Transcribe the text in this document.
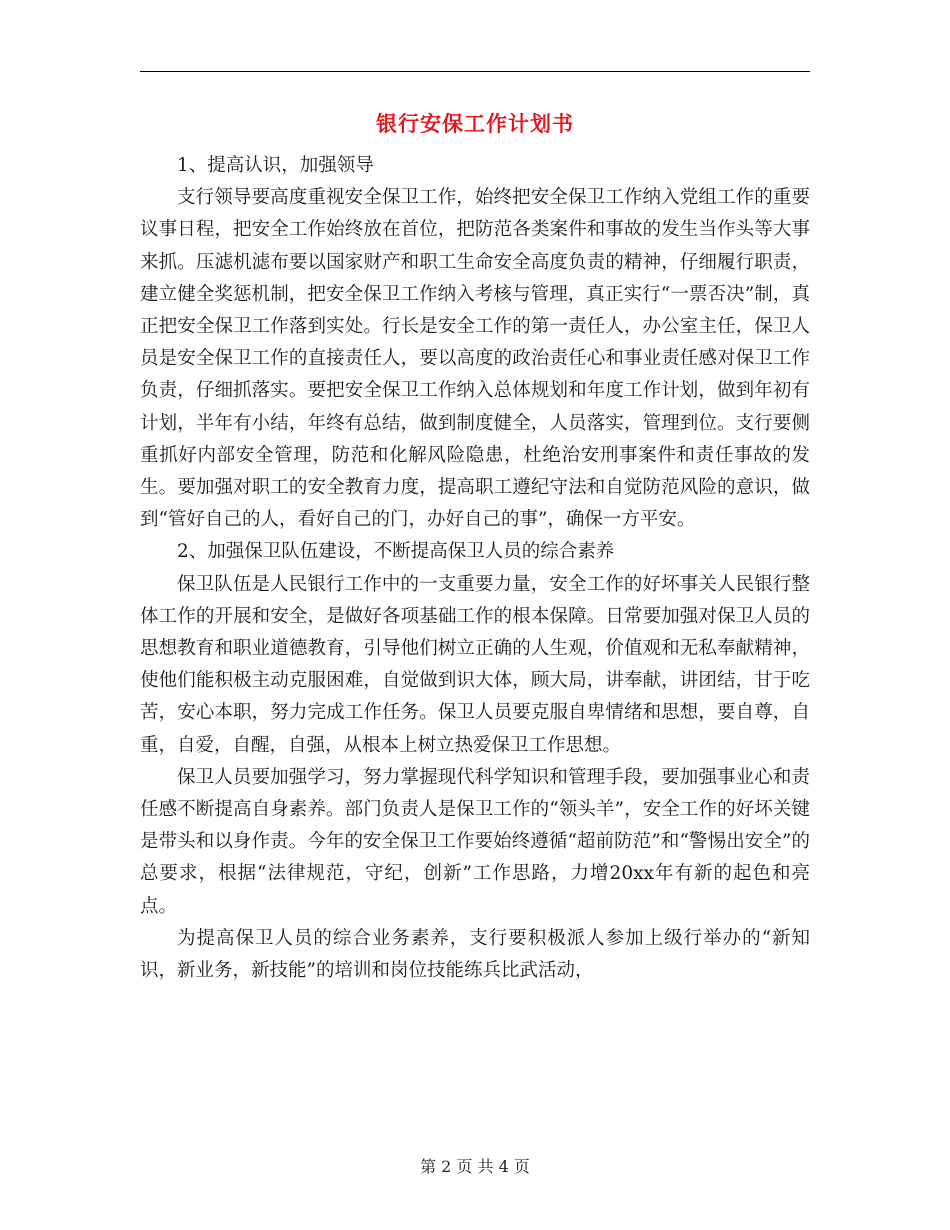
银行安保工作计划书

1、提高认识，加强领导

支行领导要高度重视安全保卫工作，始终把安全保卫工作纳入党组工作的重要议事日程，把安全工作始终放在首位，把防范各类案件和事故的发生当作头等大事来抓。压滤机滤布要以国家财产和职工生命安全高度负责的精神，仔细履行职责，建立健全奖惩机制，把安全保卫工作纳入考核与管理，真正实行“一票否决”制，真正把安全保卫工作落到实处。行长是安全工作的第一责任人，办公室主任，保卫人员是安全保卫工作的直接责任人，要以高度的政治责任心和事业责任感对保卫工作负责，仔细抓落实。要把安全保卫工作纳入总体规划和年度工作计划，做到年初有计划，半年有小结，年终有总结，做到制度健全，人员落实，管理到位。支行要侧重抓好内部安全管理，防范和化解风险隐患，杜绝治安刑事案件和责任事故的发生。要加强对职工的安全教育力度，提高职工遵纪守法和自觉防范风险的意识，做到“管好自己的人，看好自己的门，办好自己的事”，确保一方平安。

2、加强保卫队伍建设，不断提高保卫人员的综合素养

保卫队伍是人民银行工作中的一支重要力量，安全工作的好坏事关人民银行整体工作的开展和安全，是做好各项基础工作的根本保障。日常要加强对保卫人员的思想教育和职业道德教育，引导他们树立正确的人生观，价值观和无私奉献精神，使他们能积极主动克服困难，自觉做到识大体，顾大局，讲奉献，讲团结，甘于吃苦，安心本职，努力完成工作任务。保卫人员要克服自卑情绪和思想，要自尊，自重，自爱，自醒，自强，从根本上树立热爱保卫工作思想。

保卫人员要加强学习，努力掌握现代科学知识和管理手段，要加强事业心和责任感不断提高自身素养。部门负责人是保卫工作的“领头羊”，安全工作的好坏关键是带头和以身作责。今年的安全保卫工作要始终遵循“超前防范”和“警惕出安全”的总要求，根据“法律规范，守纪，创新”工作思路，力增20xx年有新的起色和亮点。

为提高保卫人员的综合业务素养，支行要积极派人参加上级行举办的“新知识，新业务，新技能”的培训和岗位技能练兵比武活动，

第 2 页 共 4 页
